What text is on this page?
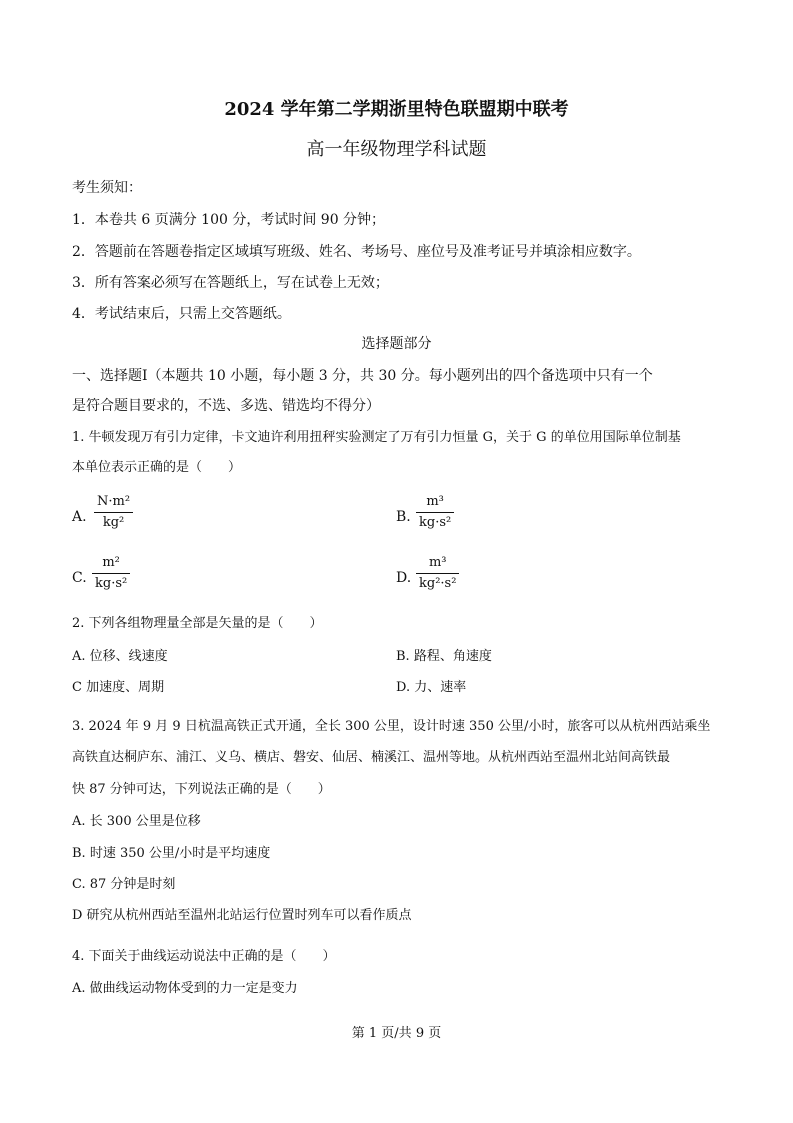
2024 学年第二学期浙里特色联盟期中联考
高一年级物理学科试题
考生须知：
1．本卷共 6 页满分 100 分，考试时间 90 分钟；
2．答题前在答题卷指定区域填写班级、姓名、考场号、座位号及准考证号并填涂相应数字。
3．所有答案必须写在答题纸上，写在试卷上无效；
4．考试结束后，只需上交答题纸。
选择题部分
一、选择题Ⅰ（本题共 10 小题，每小题 3 分，共 30 分。每小题列出的四个备选项中只有一个
是符合题目要求的，不选、多选、错选均不得分）
1. 牛顿发现万有引力定律，卡文迪许利用扭秤实验测定了万有引力恒量 G，关于 G 的单位用国际单位制基
本单位表示正确的是（　　）
A.
N·m²
kg²	B.
m³
kg·s²
C.
m²
kg·s²	D.
m³
kg²·s²
2. 下列各组物理量全部是矢量的是（　　）
A. 位移、线速度	B. 路程、角速度
C 加速度、周期	D. 力、速率
3. 2024 年 9 月 9 日杭温高铁正式开通，全长 300 公里，设计时速 350 公里/小时，旅客可以从杭州西站乘坐
高铁直达桐庐东、浦江、义乌、横店、磐安、仙居、楠溪江、温州等地。从杭州西站至温州北站间高铁最
快 87 分钟可达，下列说法正确的是（　　）
A. 长 300 公里是位移
B. 时速 350 公里/小时是平均速度
C. 87 分钟是时刻
D 研究从杭州西站至温州北站运行位置时列车可以看作质点
4. 下面关于曲线运动说法中正确的是（　　）
A. 做曲线运动物体受到的力一定是变力
第 1 页/共 9 页
